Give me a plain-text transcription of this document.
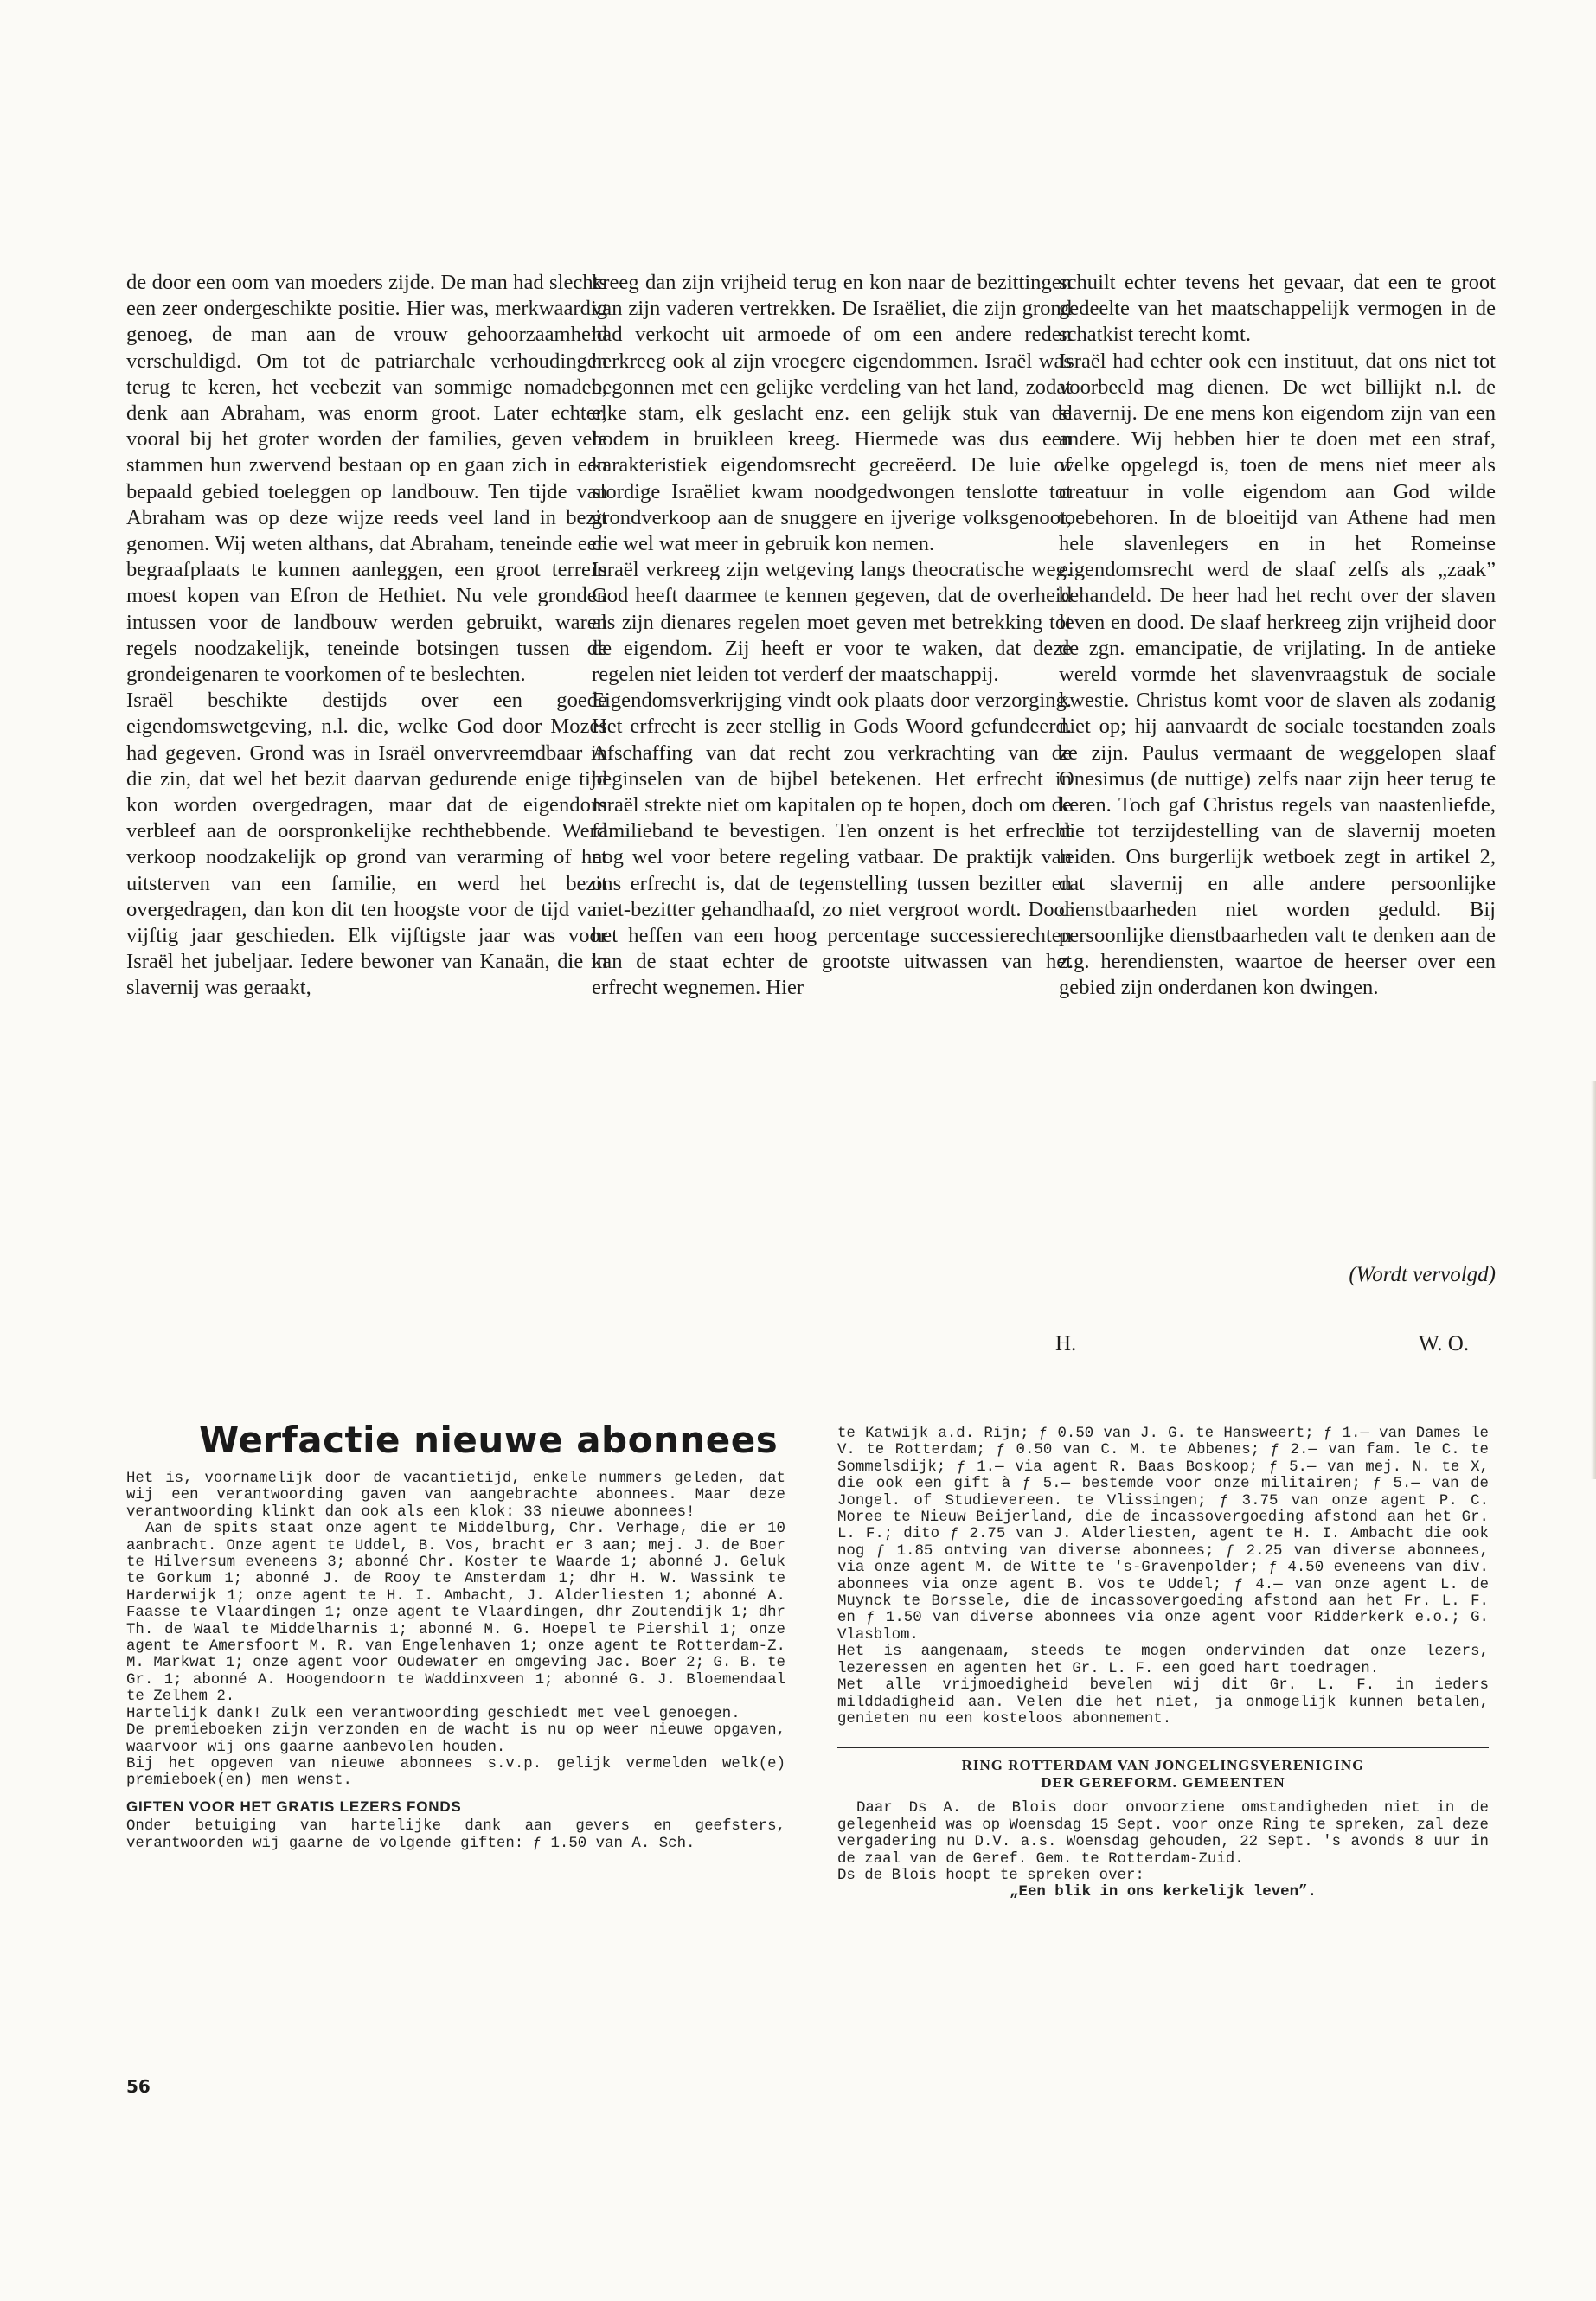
de door een oom van moeders zijde. De man had slechts een zeer ondergeschikte positie. Hier was, merkwaardig genoeg, de man aan de vrouw gehoorzaamheid verschuldigd. Om tot de patriarchale verhoudingen terug te keren, het veebezit van sommige nomaden, denk aan Abraham, was enorm groot. Later echter, vooral bij het groter worden der families, geven vele stammen hun zwervend bestaan op en gaan zich in een bepaald gebied toeleggen op landbouw. Ten tijde van Abraham was op deze wijze reeds veel land in bezit genomen. Wij weten althans, dat Abraham, teneinde een begraafplaats te kunnen aanleggen, een groot terrein moest kopen van Efron de Hethiet. Nu vele gronden intussen voor de landbouw werden gebruikt, waren regels noodzakelijk, teneinde botsingen tussen de grondeigenaren te voorkomen of te beslechten.

Israël beschikte destijds over een goede eigendomswetgeving, n.l. die, welke God door Mozes had gegeven. Grond was in Israël onvervreemdbaar in die zin, dat wel het bezit daarvan gedurende enige tijd kon worden overgedragen, maar dat de eigendom verbleef aan de oorspronkelijke rechthebbende. Werd verkoop noodzakelijk op grond van verarming of het uitsterven van een familie, en werd het bezit overgedragen, dan kon dit ten hoogste voor de tijd van vijftig jaar geschieden. Elk vijftigste jaar was voor Israël het jubeljaar. Iedere bewoner van Kanaän, die in slavernij was geraakt,

kreeg dan zijn vrijheid terug en kon naar de bezittingen van zijn vaderen vertrekken. De Israëliet, die zijn grond had verkocht uit armoede of om een andere reden herkreeg ook al zijn vroegere eigendommen. Israël was begonnen met een gelijke verdeling van het land, zodat elke stam, elk geslacht enz. een gelijk stuk van de bodem in bruikleen kreeg. Hiermede was dus een karakteristiek eigendomsrecht gecreëerd. De luie of slordige Israëliet kwam noodgedwongen tenslotte tot grondverkoop aan de snuggere en ijverige volksgenoot, die wel wat meer in gebruik kon nemen.

Israël verkreeg zijn wetgeving langs theocratische weg. God heeft daarmee te kennen gegeven, dat de overheid als zijn dienares regelen moet geven met betrekking tot de eigendom. Zij heeft er voor te waken, dat deze regelen niet leiden tot verderf der maatschappij.

Eigendomsverkrijging vindt ook plaats door verzorging. Het erfrecht is zeer stellig in Gods Woord gefundeerd. Afschaffing van dat recht zou verkrachting van de beginselen van de bijbel betekenen. Het erfrecht in Israël strekte niet om kapitalen op te hopen, doch om de familieband te bevestigen. Ten onzent is het erfrecht nog wel voor betere regeling vatbaar. De praktijk van ons erfrecht is, dat de tegenstelling tussen bezitter en niet-bezitter gehandhaafd, zo niet vergroot wordt. Door het heffen van een hoog percentage successierechten kan de staat echter de grootste uitwassen van het erfrecht wegnemen. Hier

schuilt echter tevens het gevaar, dat een te groot gedeelte van het maatschappelijk vermogen in de schatkist terecht komt.

Israël had echter ook een instituut, dat ons niet tot voorbeeld mag dienen. De wet billijkt n.l. de slavernij. De ene mens kon eigendom zijn van een andere. Wij hebben hier te doen met een straf, welke opgelegd is, toen de mens niet meer als creatuur in volle eigendom aan God wilde toebehoren. In de bloeitijd van Athene had men hele slavenlegers en in het Romeinse eigendomsrecht werd de slaaf zelfs als „zaak” behandeld. De heer had het recht over der slaven leven en dood. De slaaf herkreeg zijn vrijheid door de zgn. emancipatie, de vrijlating. In de antieke wereld vormde het slavenvraagstuk de sociale kwestie. Christus komt voor de slaven als zodanig niet op; hij aanvaardt de sociale toestanden zoals ze zijn. Paulus vermaant de weggelopen slaaf Onesimus (de nuttige) zelfs naar zijn heer terug te keren. Toch gaf Christus regels van naastenliefde, die tot terzijdestelling van de slavernij moeten leiden. Ons burgerlijk wetboek zegt in artikel 2, dat slavernij en alle andere persoonlijke dienstbaarheden niet worden geduld. Bij persoonlijke dienstbaarheden valt te denken aan de z.g. herendiensten, waartoe de heerser over een gebied zijn onderdanen kon dwingen.

(Wordt vervolgd)
H.	W. O.
Werfactie nieuwe abonnees

Het is, voornamelijk door de vacantietijd, enkele nummers geleden, dat wij een verantwoording gaven van aangebrachte abonnees. Maar deze verantwoording klinkt dan ook als een klok: 33 nieuwe abonnees!

Aan de spits staat onze agent te Middelburg, Chr. Verhage, die er 10 aanbracht. Onze agent te Uddel, B. Vos, bracht er 3 aan; mej. J. de Boer te Hilversum eveneens 3; abonné Chr. Koster te Waarde 1; abonné J. Geluk te Gorkum 1; abonné J. de Rooy te Amsterdam 1; dhr H. W. Wassink te Harderwijk 1; onze agent te H. I. Ambacht, J. Alderliesten 1; abonné A. Faasse te Vlaardingen 1; onze agent te Vlaardingen, dhr Zoutendijk 1; dhr Th. de Waal te Middelharnis 1; abonné M. G. Hoepel te Piershil 1; onze agent te Amersfoort M. R. van Engelenhaven 1; onze agent te Rotterdam-Z. M. Markwat 1; onze agent voor Oudewater en omgeving Jac. Boer 2; G. B. te Gr. 1; abonné A. Hoogendoorn te Waddinxveen 1; abonné G. J. Bloemendaal te Zelhem 2.

Hartelijk dank! Zulk een verantwoording geschiedt met veel genoegen.

De premieboeken zijn verzonden en de wacht is nu op weer nieuwe opgaven, waarvoor wij ons gaarne aanbevolen houden.

Bij het opgeven van nieuwe abonnees s.v.p. gelijk vermelden welk(e) premieboek(en) men wenst.

GIFTEN VOOR HET GRATIS LEZERS FONDS

Onder betuiging van hartelijke dank aan gevers en geefsters, verantwoorden wij gaarne de volgende giften: ƒ 1.50 van A. Sch.

te Katwijk a.d. Rijn; ƒ 0.50 van J. G. te Hansweert; ƒ 1.— van Dames le V. te Rotterdam; ƒ 0.50 van C. M. te Abbenes; ƒ 2.— van fam. le C. te Sommelsdijk; ƒ 1.— via agent R. Baas Boskoop; ƒ 5.— van mej. N. te X, die ook een gift à ƒ 5.— bestemde voor onze militairen; ƒ 5.— van de Jongel. of Studievereen. te Vlissingen; ƒ 3.75 van onze agent P. C. Moree te Nieuw Beijerland, die de incassovergoeding afstond aan het Gr. L. F.; dito ƒ 2.75 van J. Alderliesten, agent te H. I. Ambacht die ook nog ƒ 1.85 ontving van diverse abonnees; ƒ 2.25 van diverse abonnees, via onze agent M. de Witte te 's-Gravenpolder; ƒ 4.50 eveneens van div. abonnees via onze agent B. Vos te Uddel; ƒ 4.— van onze agent L. de Muynck te Borssele, die de incassovergoeding afstond aan het Fr. L. F. en ƒ 1.50 van diverse abonnees via onze agent voor Ridderkerk e.o.; G. Vlasblom.

Het is aangenaam, steeds te mogen ondervinden dat onze lezers, lezeressen en agenten het Gr. L. F. een goed hart toedragen.

Met alle vrijmoedigheid bevelen wij dit Gr. L. F. in ieders milddadigheid aan. Velen die het niet, ja onmogelijk kunnen betalen, genieten nu een kosteloos abonnement.

RING ROTTERDAM VAN JONGELINGSVERENIGING
DER GEREFORM. GEMEENTEN

Daar Ds A. de Blois door onvoorziene omstandigheden niet in de gelegenheid was op Woensdag 15 Sept. voor onze Ring te spreken, zal deze vergadering nu D.V. a.s. Woensdag gehouden, 22 Sept. 's avonds 8 uur in de zaal van de Geref. Gem. te Rotterdam-Zuid.

Ds de Blois hoopt te spreken over:

„Een blik in ons kerkelijk leven”.

56
